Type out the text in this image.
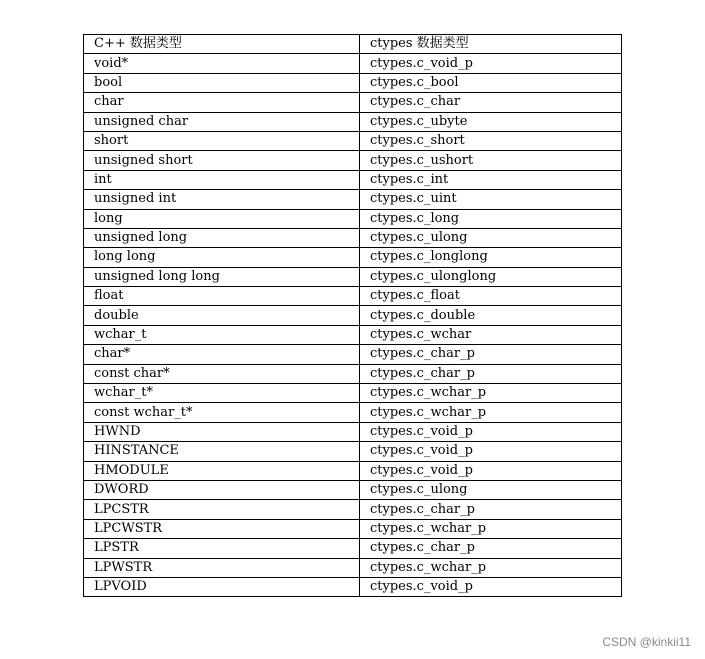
C++ 数据类型	ctypes 数据类型
void*	ctypes.c_void_p
bool	ctypes.c_bool
char	ctypes.c_char
unsigned char	ctypes.c_ubyte
short	ctypes.c_short
unsigned short	ctypes.c_ushort
int	ctypes.c_int
unsigned int	ctypes.c_uint
long	ctypes.c_long
unsigned long	ctypes.c_ulong
long long	ctypes.c_longlong
unsigned long long	ctypes.c_ulonglong
float	ctypes.c_float
double	ctypes.c_double
wchar_t	ctypes.c_wchar
char*	ctypes.c_char_p
const char*	ctypes.c_char_p
wchar_t*	ctypes.c_wchar_p
const wchar_t*	ctypes.c_wchar_p
HWND	ctypes.c_void_p
HINSTANCE	ctypes.c_void_p
HMODULE	ctypes.c_void_p
DWORD	ctypes.c_ulong
LPCSTR	ctypes.c_char_p
LPCWSTR	ctypes.c_wchar_p
LPSTR	ctypes.c_char_p
LPWSTR	ctypes.c_wchar_p
LPVOID	ctypes.c_void_p
CSDN @kinkii11
